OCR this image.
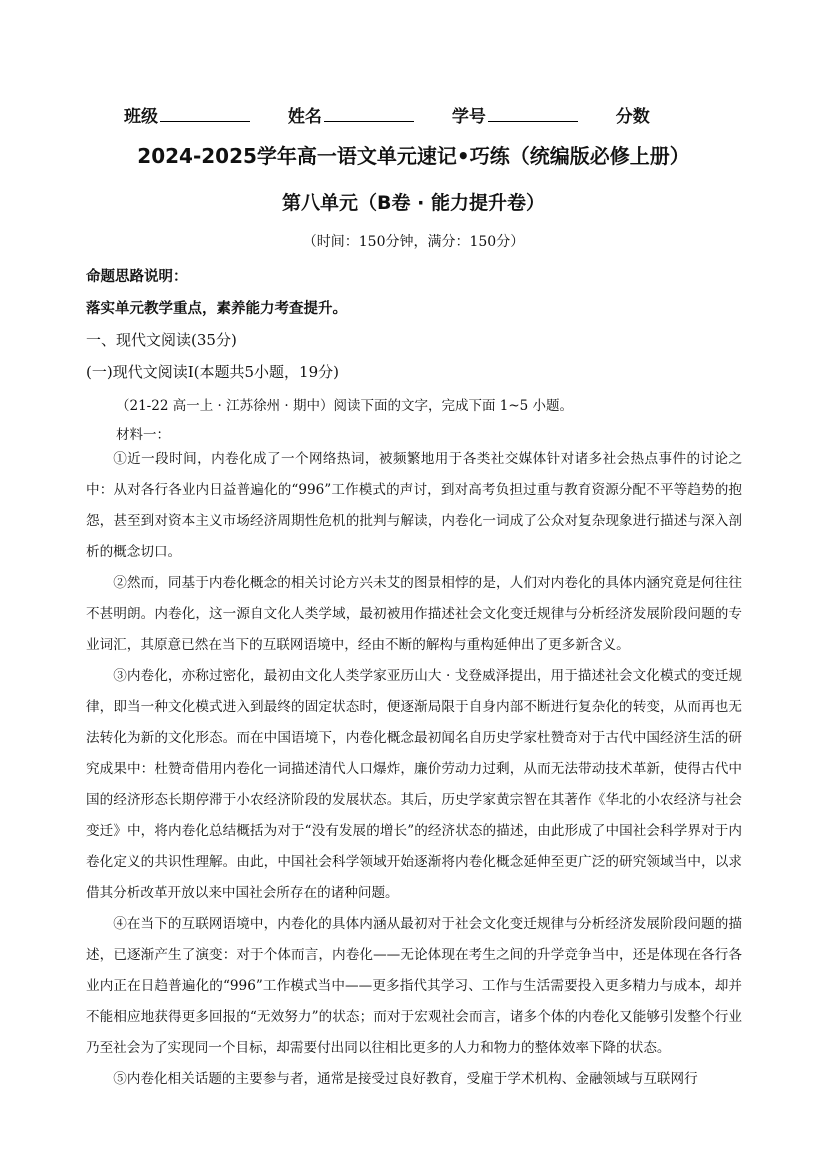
班级	姓名	学号	分数
2024-2025学年高一语文单元速记•巧练（统编版必修上册）
第八单元（B卷 · 能力提升卷）
（时间：150分钟，满分：150分）
命题思路说明：
落实单元教学重点，素养能力考查提升。
一、现代文阅读(35分)
(一)现代文阅读Ⅰ(本题共5小题，19分)
（21-22 高一上 · 江苏徐州 · 期中）阅读下面的文字，完成下面 1~5 小题。
材料一：

①近一段时间，内卷化成了一个网络热词，被频繁地用于各类社交媒体针对诸多社会热点事件的讨论之中：从对各行各业内日益普遍化的“996”工作模式的声讨，到对高考负担过重与教育资源分配不平等趋势的抱怨，甚至到对资本主义市场经济周期性危机的批判与解读，内卷化一词成了公众对复杂现象进行描述与深入剖析的概念切口。

②然而，同基于内卷化概念的相关讨论方兴未艾的图景相悖的是，人们对内卷化的具体内涵究竟是何往往不甚明朗。内卷化，这一源自文化人类学域，最初被用作描述社会文化变迁规律与分析经济发展阶段问题的专业词汇，其原意已然在当下的互联网语境中，经由不断的解构与重构延伸出了更多新含义。

③内卷化，亦称过密化，最初由文化人类学家亚历山大 · 戈登威泽提出，用于描述社会文化模式的变迁规律，即当一种文化模式进入到最终的固定状态时，便逐渐局限于自身内部不断进行复杂化的转变，从而再也无法转化为新的文化形态。而在中国语境下，内卷化概念最初闻名自历史学家杜赞奇对于古代中国经济生活的研究成果中：杜赞奇借用内卷化一词描述清代人口爆炸，廉价劳动力过剩，从而无法带动技术革新，使得古代中国的经济形态长期停滞于小农经济阶段的发展状态。其后，历史学家黄宗智在其著作《华北的小农经济与社会变迁》中，将内卷化总结概括为对于“没有发展的增长”的经济状态的描述，由此形成了中国社会科学界对于内卷化定义的共识性理解。由此，中国社会科学领域开始逐渐将内卷化概念延伸至更广泛的研究领域当中，以求借其分析改革开放以来中国社会所存在的诸种问题。

④在当下的互联网语境中，内卷化的具体内涵从最初对于社会文化变迁规律与分析经济发展阶段问题的描述，已逐渐产生了演变：对于个体而言，内卷化——无论体现在考生之间的升学竞争当中，还是体现在各行各业内正在日趋普遍化的“996”工作模式当中——更多指代其学习、工作与生活需要投入更多精力与成本，却并不能相应地获得更多回报的“无效努力”的状态；而对于宏观社会而言，诸多个体的内卷化又能够引发整个行业乃至社会为了实现同一个目标，却需要付出同以往相比更多的人力和物力的整体效率下降的状态。

⑤内卷化相关话题的主要参与者，通常是接受过良好教育，受雇于学术机构、金融领域与互联网行
